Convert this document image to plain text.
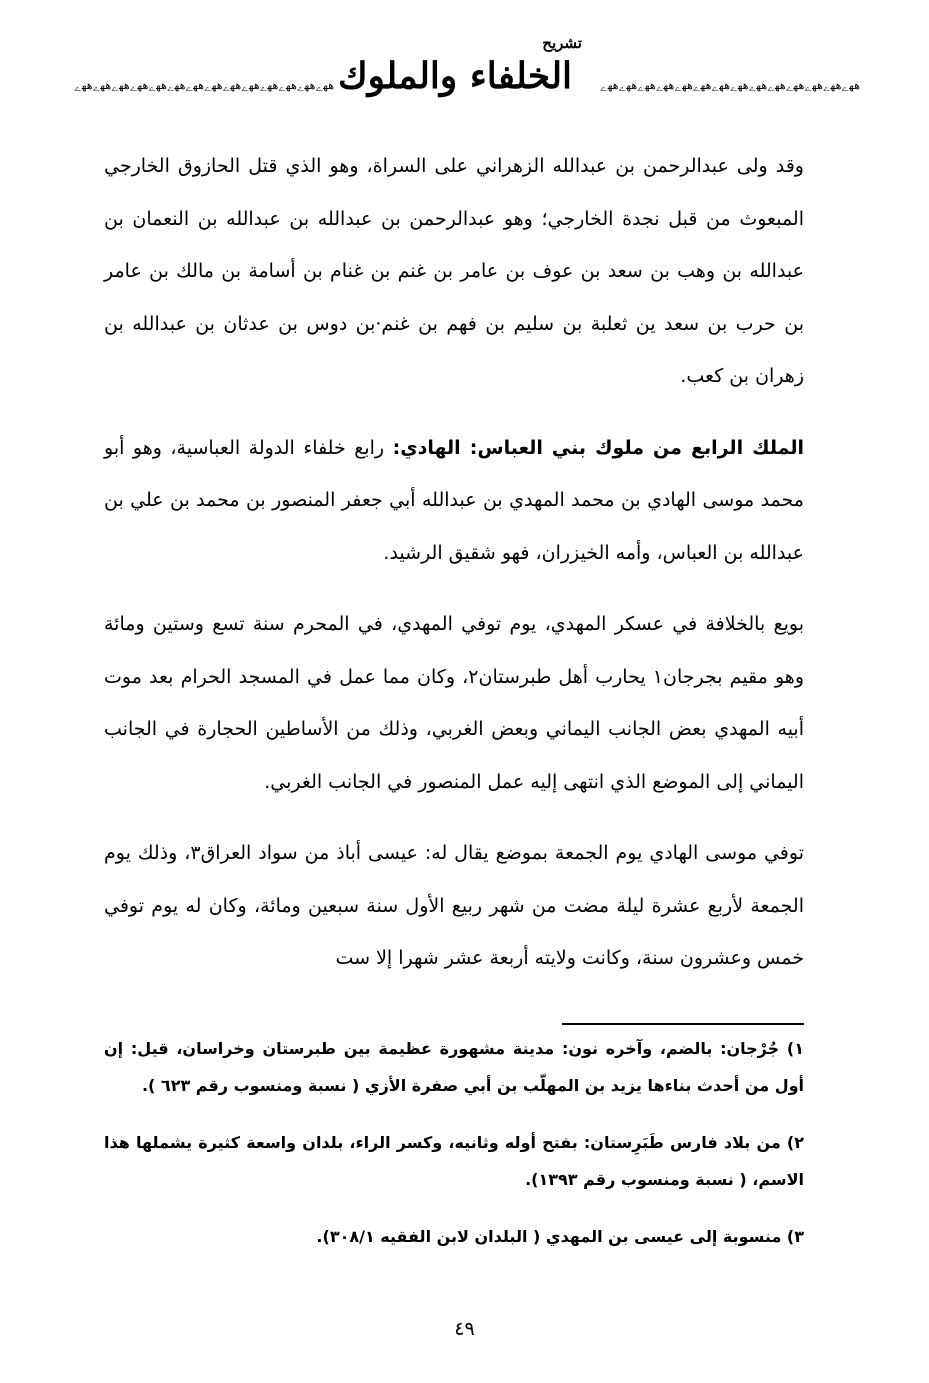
ﮬﮭﮮﮬﮭﮮﮬﮭﮮﮬﮭﮮﮬﮭﮮﮬﮭﮮﮬﮭﮮﮬﮭﮮﮬﮭﮮﮬﮭﮮﮬﮭﮮﮬﮭﮮﮬﮭﮮﮬﮭﮮ
تشريح
الخلفاء والملوك	ﮬﮭﮮﮬﮭﮮﮬﮭﮮﮬﮭﮮﮬﮭﮮﮬﮭﮮﮬﮭﮮﮬﮭﮮﮬﮭﮮﮬﮭﮮﮬﮭﮮﮬﮭﮮﮬﮭﮮﮬﮭﮮ

وقد ولى عبدالرحمن بن عبدالله الزهراني على السراة، وهو الذي قتل الحازوق الخارجي المبعوث من قبل نجدة الخارجي؛ وهو عبدالرحمن بن عبدالله بن عبدالله بن النعمان بن عبدالله بن وهب بن سعد بن عوف بن عامر بن غنم بن غنام بن أسامة بن مالك بن عامر بن حرب بن سعد ين ثعلبة بن سليم بن فهم بن غنم·بن دوس بن عدثان بن عبدالله بن زهران بن كعب.

الملك الرابع من ملوك بني العباس: الهادي: رابع خلفاء الدولة العباسية، وهو أبو محمد موسى الهادي بن محمد المهدي بن عبدالله أبي جعفر المنصور بن محمد بن علي بن عبدالله بن العباس، وأمه الخيزران، فهو شقيق الرشيد.

بويع بالخلافة في عسكر المهدي، يوم توفي المهدي، في المحرم سنة تسع وستين ومائة وهو مقيم بجرجان١ يحارب أهل طبرستان٢، وكان مما عمل في المسجد الحرام بعد موت أبيه المهدي بعض الجانب اليماني وبعض الغربي، وذلك من الأساطين الحجارة في الجانب اليماني إلى الموضع الذي انتهى إليه عمل المنصور في الجانب الغربي.

توفي موسى الهادي يوم الجمعة بموضع يقال له: عيسى أباذ من سواد العراق٣، وذلك يوم الجمعة لأربع عشرة ليلة مضت من شهر ربيع الأول سنة سبعين ومائة، وكان له يوم توفي خمس وعشرون سنة، وكانت ولايته أربعة عشر شهرا إلا ست

١) جُرْجان: بالضم، وآخره نون: مدينة مشهورة عظيمة بين طبرستان وخراسان، قيل: إن أول من أحدث بناءها يزيد بن المهلّب بن أبي صفرة الأزي ( نسبة ومنسوب رقم ٦٢٣ ).

٢) من بلاد فارس طَبَرِستان: بفتح أوله وثانيه، وكسر الراء، بلدان واسعة كثيرة يشملها هذا الاسم، ( نسبة ومنسوب رقم ١٣٩٣).

٣) منسوبة إلى عيسى بن المهدي ( البلدان لابن الفقيه ٣٠٨/١).

٤٩
